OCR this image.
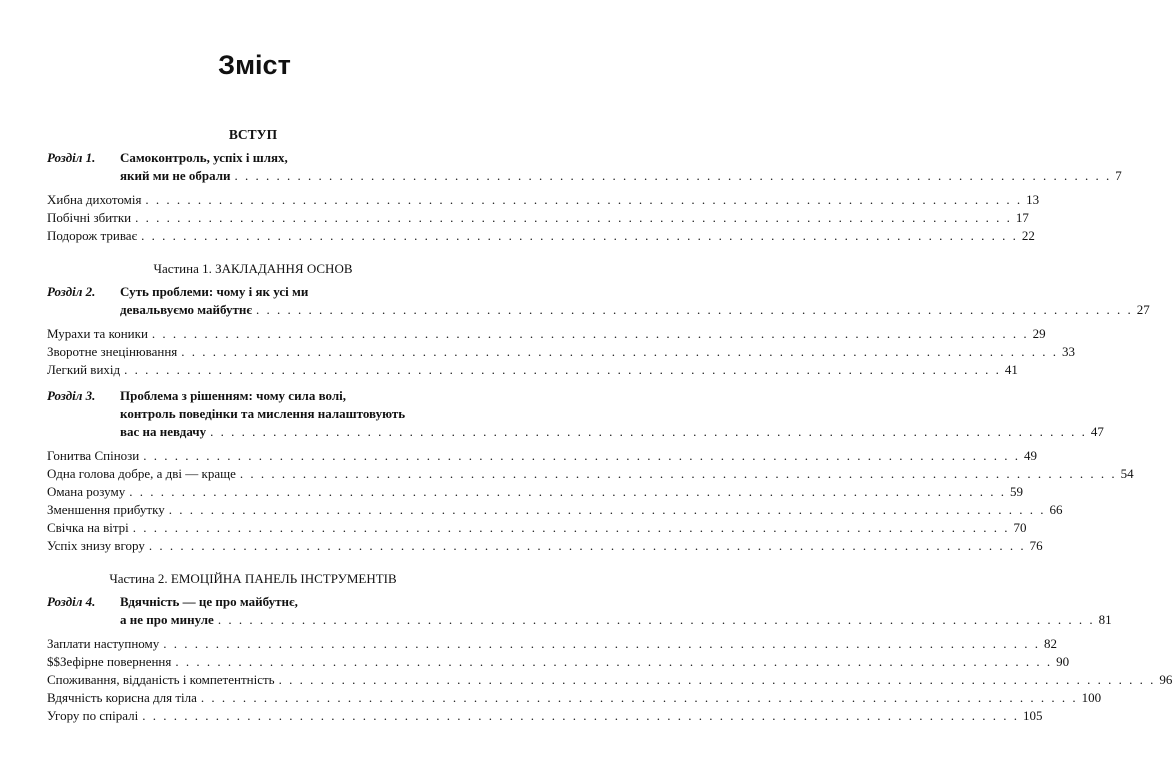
Зміст
ВСТУП
Розділ 1.	Самоконтроль, успіх і шлях,
який ми не обрали . . .	7
Хибна дихотомія . . .	13
Побічні збитки . . .	17
Подорож триває . . .	22
Частина 1. ЗАКЛАДАННЯ ОСНОВ
Розділ 2.	Суть проблеми: чому і як усі ми
девальвуємо майбутнє . . .	27
Мурахи та коники . . .	29
Зворотне знецінювання . . .	33
Легкий вихід . . .	41
Розділ 3.	Проблема з рішенням: чому сила волі,
контроль поведінки та мислення налаштовують
вас на невдачу . . .	47
Гонитва Спінози . . .	49
Одна голова добре, а дві — краще . . .	54
Омана розуму . . .	59
Зменшення прибутку . . .	66
Свічка на вітрі . . .	70
Успіх знизу вгору . . .	76
Частина 2. ЕМОЦІЙНА ПАНЕЛЬ ІНСТРУМЕНТІВ
Розділ 4.	Вдячність — це про майбутнє,
а не про минуле . . .	81
Заплати наступному . . .	82
$$Зефірне повернення . . .	90
Споживання, відданість і компетентність . . .	96
Вдячність корисна для тіла . . .	100
Угору по спіралі . . .	105
